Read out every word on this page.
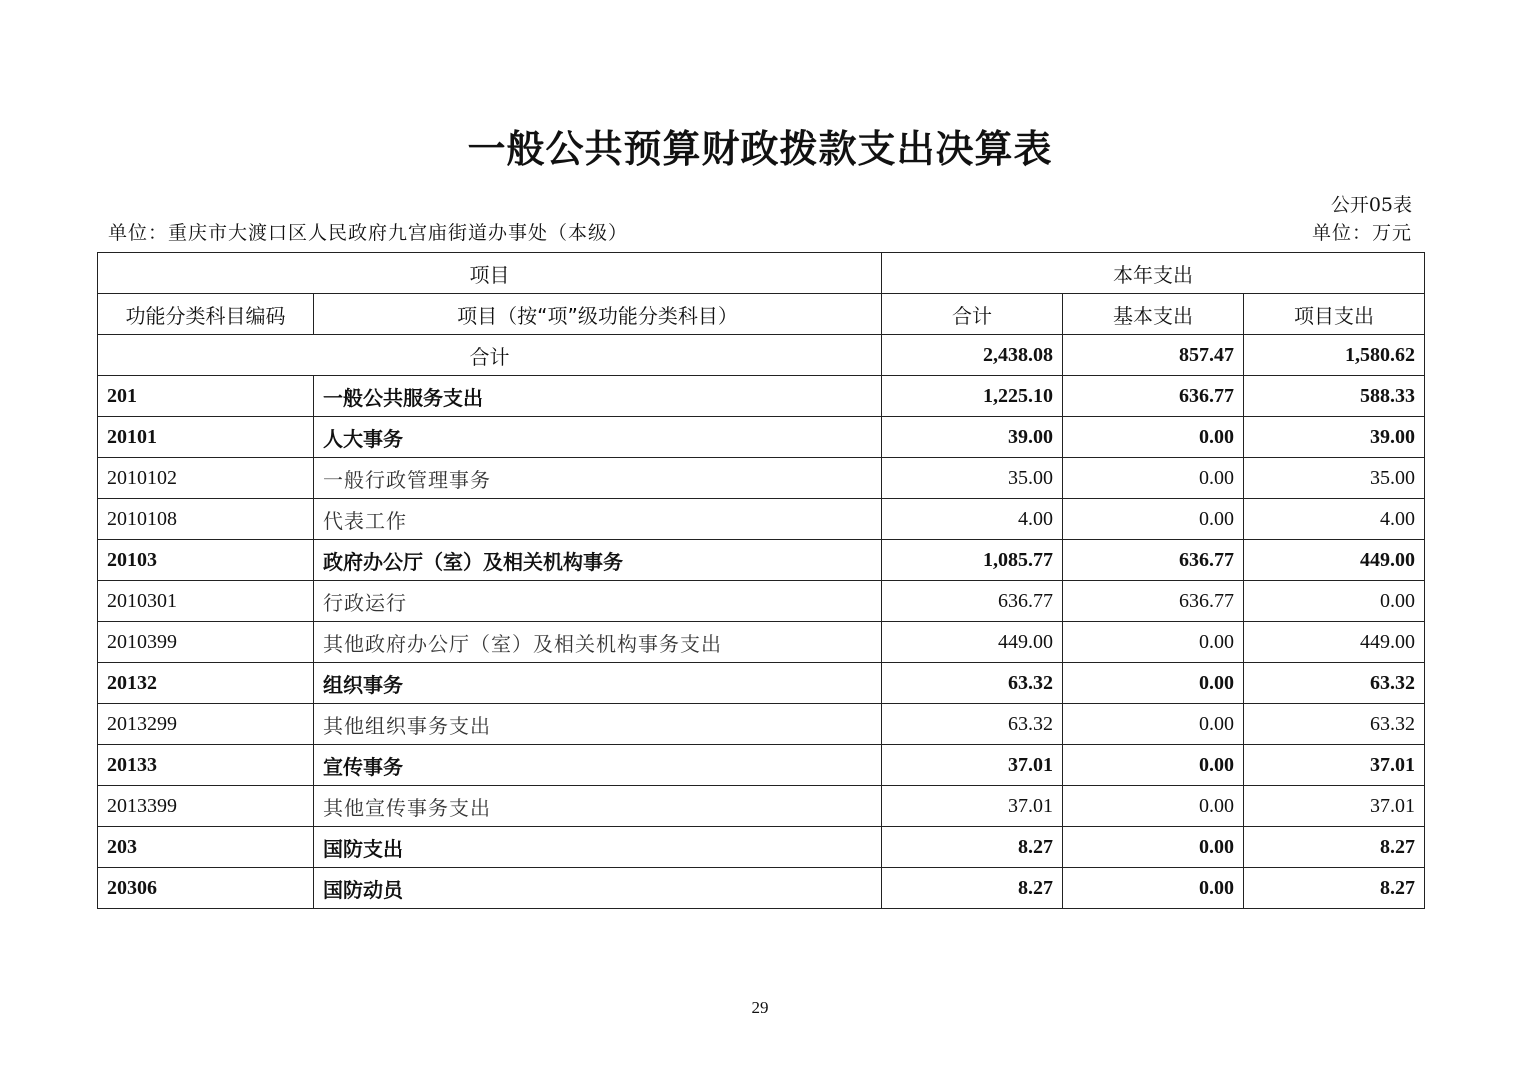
一般公共预算财政拨款支出决算表
公开05表
单位：重庆市大渡口区人民政府九宫庙街道办事处（本级）	单位：万元
项目		本年支出		
功能分类科目编码	项目（按“项”级功能分类科目）	合计	基本支出	项目支出
合计		2,438.08	857.47	1,580.62
201	一般公共服务支出	1,225.10	636.77	588.33
20101	人大事务	39.00	0.00	39.00
2010102	一般行政管理事务	35.00	0.00	35.00
2010108	代表工作	4.00	0.00	4.00
20103	政府办公厅（室）及相关机构事务	1,085.77	636.77	449.00
2010301	行政运行	636.77	636.77	0.00
2010399	其他政府办公厅（室）及相关机构事务支出	449.00	0.00	449.00
20132	组织事务	63.32	0.00	63.32
2013299	其他组织事务支出	63.32	0.00	63.32
20133	宣传事务	37.01	0.00	37.01
2013399	其他宣传事务支出	37.01	0.00	37.01
203	国防支出	8.27	0.00	8.27
20306	国防动员	8.27	0.00	8.27
29
